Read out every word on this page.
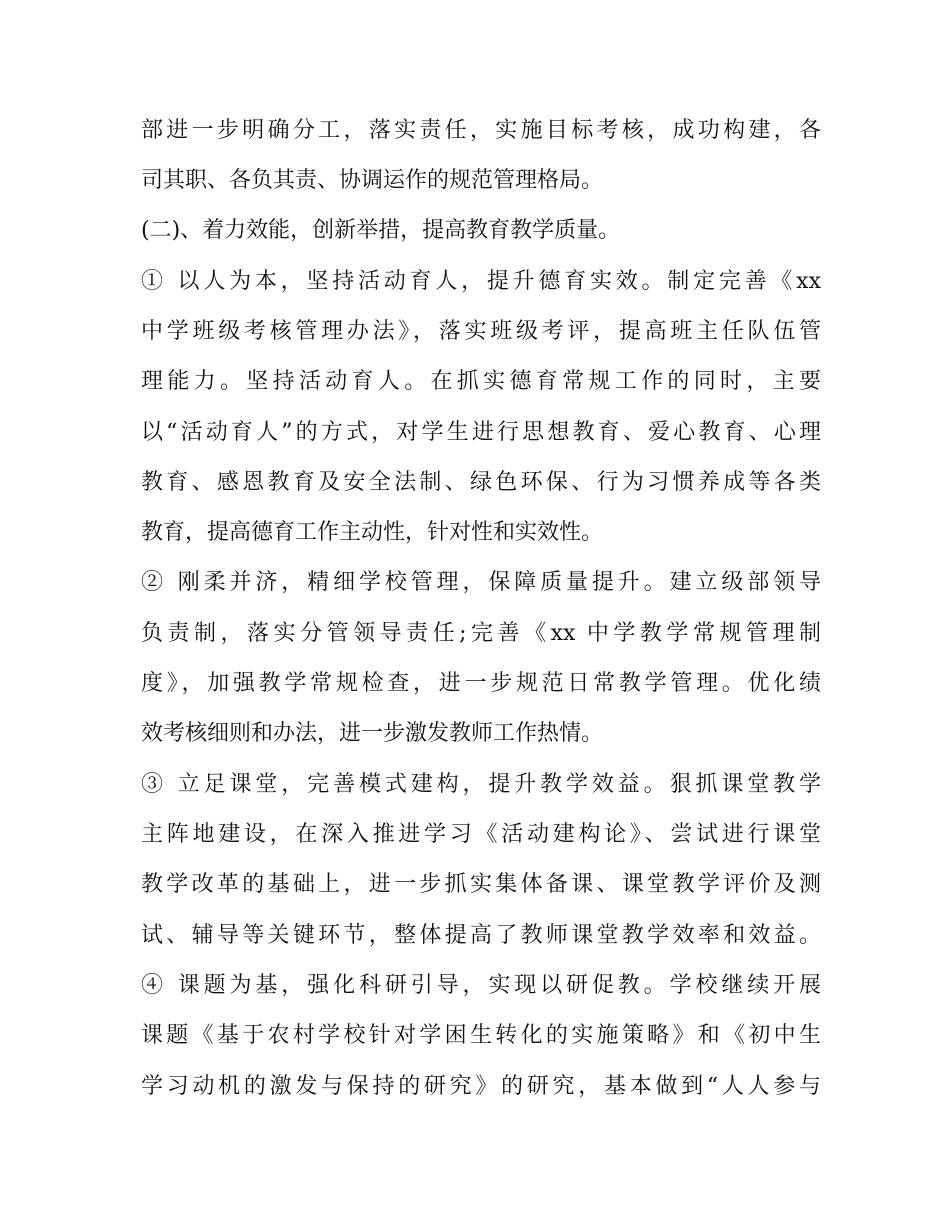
部进一步明确分工，落实责任，实施目标考核，成功构建，各
司其职、各负其责、协调运作的规范管理格局。
(二)、着力效能，创新举措，提高教育教学质量。
① 以人为本，坚持活动育人，提升德育实效。制定完善《xx
中学班级考核管理办法》，落实班级考评，提高班主任队伍管
理能力。坚持活动育人。在抓实德育常规工作的同时，主要
以“活动育人”的方式，对学生进行思想教育、爱心教育、心理
教育、感恩教育及安全法制、绿色环保、行为习惯养成等各类
教育，提高德育工作主动性，针对性和实效性。
② 刚柔并济，精细学校管理，保障质量提升。建立级部领导
负责制，落实分管领导责任;完善《xx 中学教学常规管理制
度》，加强教学常规检查，进一步规范日常教学管理。优化绩
效考核细则和办法，进一步激发教师工作热情。
③ 立足课堂，完善模式建构，提升教学效益。狠抓课堂教学
主阵地建设，在深入推进学习《活动建构论》、尝试进行课堂
教学改革的基础上，进一步抓实集体备课、课堂教学评价及测
试、辅导等关键环节，整体提高了教师课堂教学效率和效益。
④ 课题为基，强化科研引导，实现以研促教。学校继续开展
课题《基于农村学校针对学困生转化的实施策略》和《初中生
学习动机的激发与保持的研究》的研究，基本做到“人人参与
